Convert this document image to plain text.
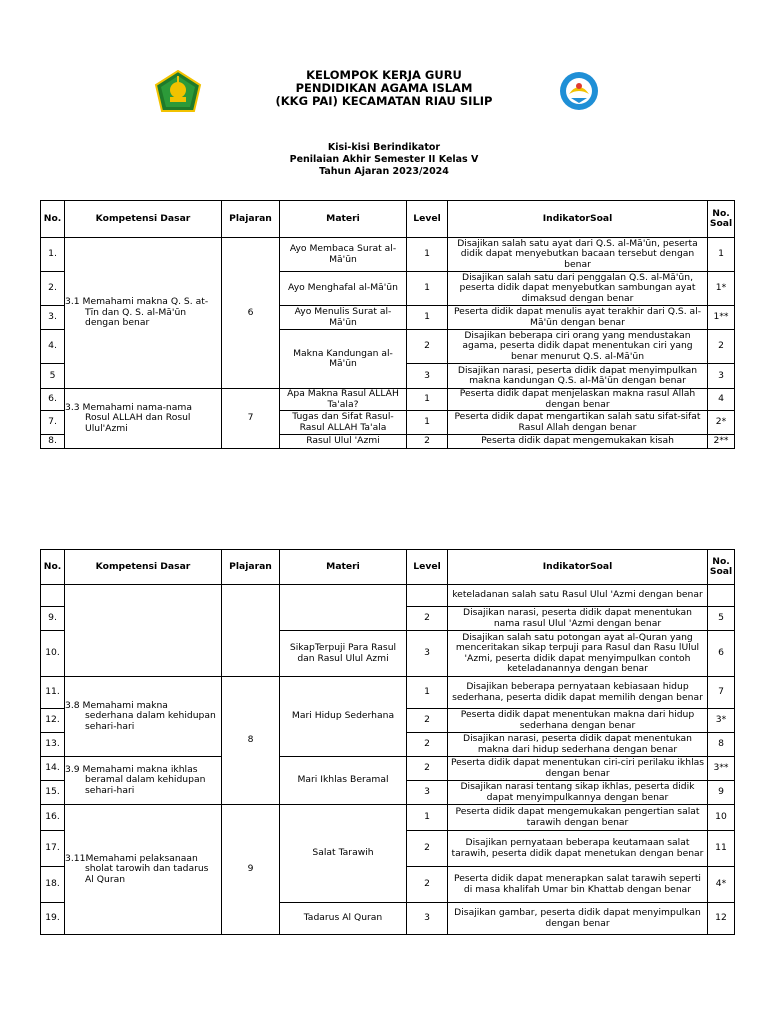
KELOMPOK KERJA GURU
PENDIDIKAN AGAMA ISLAM
(KKG PAI) KECAMATAN RIAU SILIP
Kisi-kisi Berindikator
Penilaian Akhir Semester II Kelas V
Tahun Ajaran 2023/2024
No.	Kompetensi Dasar	Plajaran	Materi	Level	IndikatorSoal	No. Soal
1.	3.1 Memahami makna Q. S. at-Tīn dan Q. S. al-Mā'ūn dengan benar	6	Ayo Membaca Surat al-Mā'ūn	1	Disajikan salah satu ayat dari Q.S. al-Mā'ūn, peserta didik dapat menyebutkan bacaan tersebut dengan benar	1
2.			Ayo Menghafal al-Mā'ūn	1	Disajikan salah satu dari penggalan Q.S. al-Mā'ūn, peserta didik dapat menyebutkan sambungan ayat dimaksud dengan benar	1*
3.			Ayo Menulis Surat al-Mā'ūn	1	Peserta didik dapat menulis ayat terakhir dari Q.S. al-Mā'ūn dengan benar	1**
4.			Makna Kandungan al-Mā'ūn	2	Disajikan beberapa ciri orang yang mendustakan agama, peserta didik dapat menentukan ciri yang benar menurut Q.S. al-Mā'ūn	2
5				3	Disajikan narasi, peserta didik dapat menyimpulkan makna kandungan Q.S. al-Mā'ūn dengan benar	3
6.	3.3 Memahami nama-nama Rosul ALLAH dan Rosul Ulul'Azmi	7	Apa Makna Rasul ALLAH Ta'ala?	1	Peserta didik dapat menjelaskan makna rasul Allah dengan benar	4
7.			Tugas dan Sifat Rasul-Rasul ALLAH Ta'ala	1	Peserta didik dapat mengartikan salah satu sifat-sifat Rasul Allah dengan benar	2*
8.			Rasul Ulul 'Azmi	2	Peserta didik dapat mengemukakan kisah	2**
No.	Kompetensi Dasar	Plajaran	Materi	Level	IndikatorSoal	No. Soal
					keteladanan salah satu Rasul Ulul 'Azmi dengan benar	
9.				2	Disajikan narasi, peserta didik dapat menentukan nama rasul Ulul 'Azmi dengan benar	5
10.			SikapTerpuji Para Rasul dan Rasul Ulul Azmi	3	Disajikan salah satu potongan ayat al-Quran yang menceritakan sikap terpuji para Rasul dan Rasu lUlul 'Azmi, peserta didik dapat menyimpulkan contoh keteladanannya dengan benar	6
11.	3.8 Memahami makna sederhana dalam kehidupan sehari-hari	8	Mari Hidup Sederhana	1	Disajikan beberapa pernyataan kebiasaan hidup sederhana, peserta didik dapat memilih dengan benar	7
12.				2	Peserta didik dapat menentukan makna dari hidup sederhana dengan benar	3*
13.				2	Disajikan narasi, peserta didik dapat menentukan makna dari hidup sederhana dengan benar	8
14.	3.9 Memahami makna ikhlas beramal dalam kehidupan sehari-hari		Mari Ikhlas Beramal	2	Peserta didik dapat menentukan ciri-ciri perilaku ikhlas dengan benar	3**
15.				3	Disajikan narasi tentang sikap ikhlas, peserta didik dapat menyimpulkannya dengan benar	9
16.	3.11Memahami pelaksanaan sholat tarowih dan tadarus Al Quran	9	Salat Tarawih	1	Peserta didik dapat mengemukakan pengertian salat tarawih dengan benar	10
17.				2	Disajikan pernyataan beberapa keutamaan salat tarawih, peserta didik dapat menetukan dengan benar	11
18.				2	Peserta didik dapat menerapkan salat tarawih seperti di masa khalifah Umar bin Khattab dengan benar	4*
19.			Tadarus Al Quran	3	Disajikan gambar, peserta didik dapat menyimpulkan dengan benar	12
